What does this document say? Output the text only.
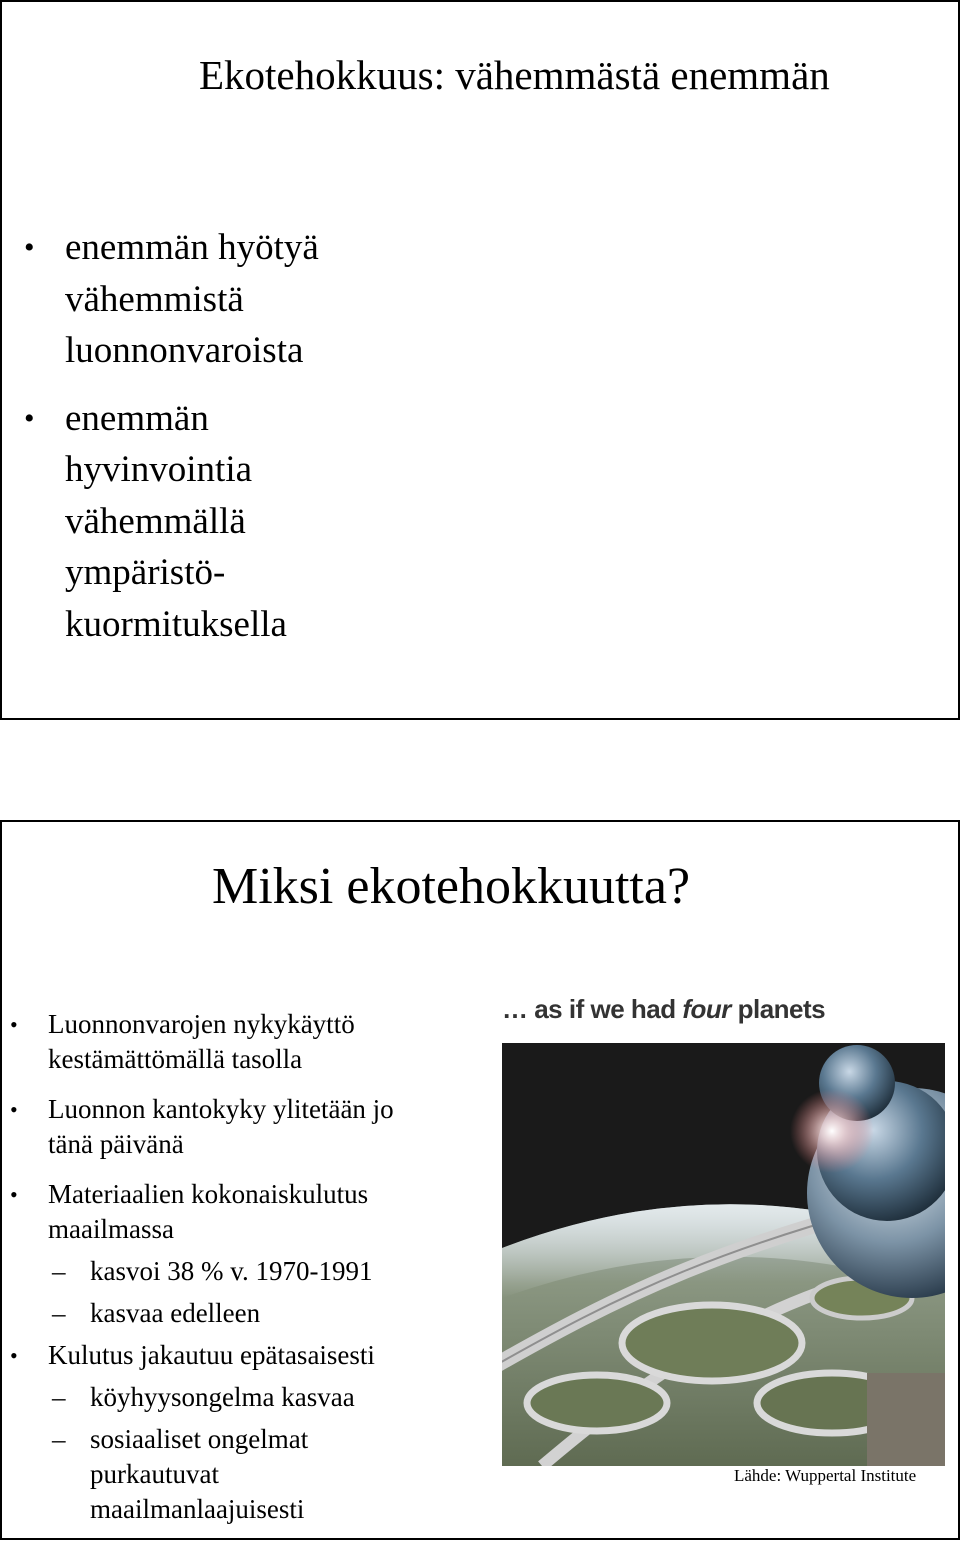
Ekotehokkuus: vähemmästä enemmän
• enemmän hyötyä
vähemmistä
luonnonvaroista
• enemmän
hyvinvointia
vähemmällä
ympäristö-
kuormituksella
Miksi ekotehokkuutta?
• Luonnonvarojen nykykäyttö
kestämättömällä tasolla
• Luonnon kantokyky ylitetään jo
tänä päivänä
• Materiaalien kokonaiskulutus
maailmassa
– kasvoi 38 % v. 1970-1991
– kasvaa edelleen
• Kulutus jakautuu epätasaisesti
– köyhyysongelma kasvaa
– sosiaaliset ongelmat
purkautuvat
maailmanlaajuisesti
… as if we had four planets
Lähde: Wuppertal Institute
